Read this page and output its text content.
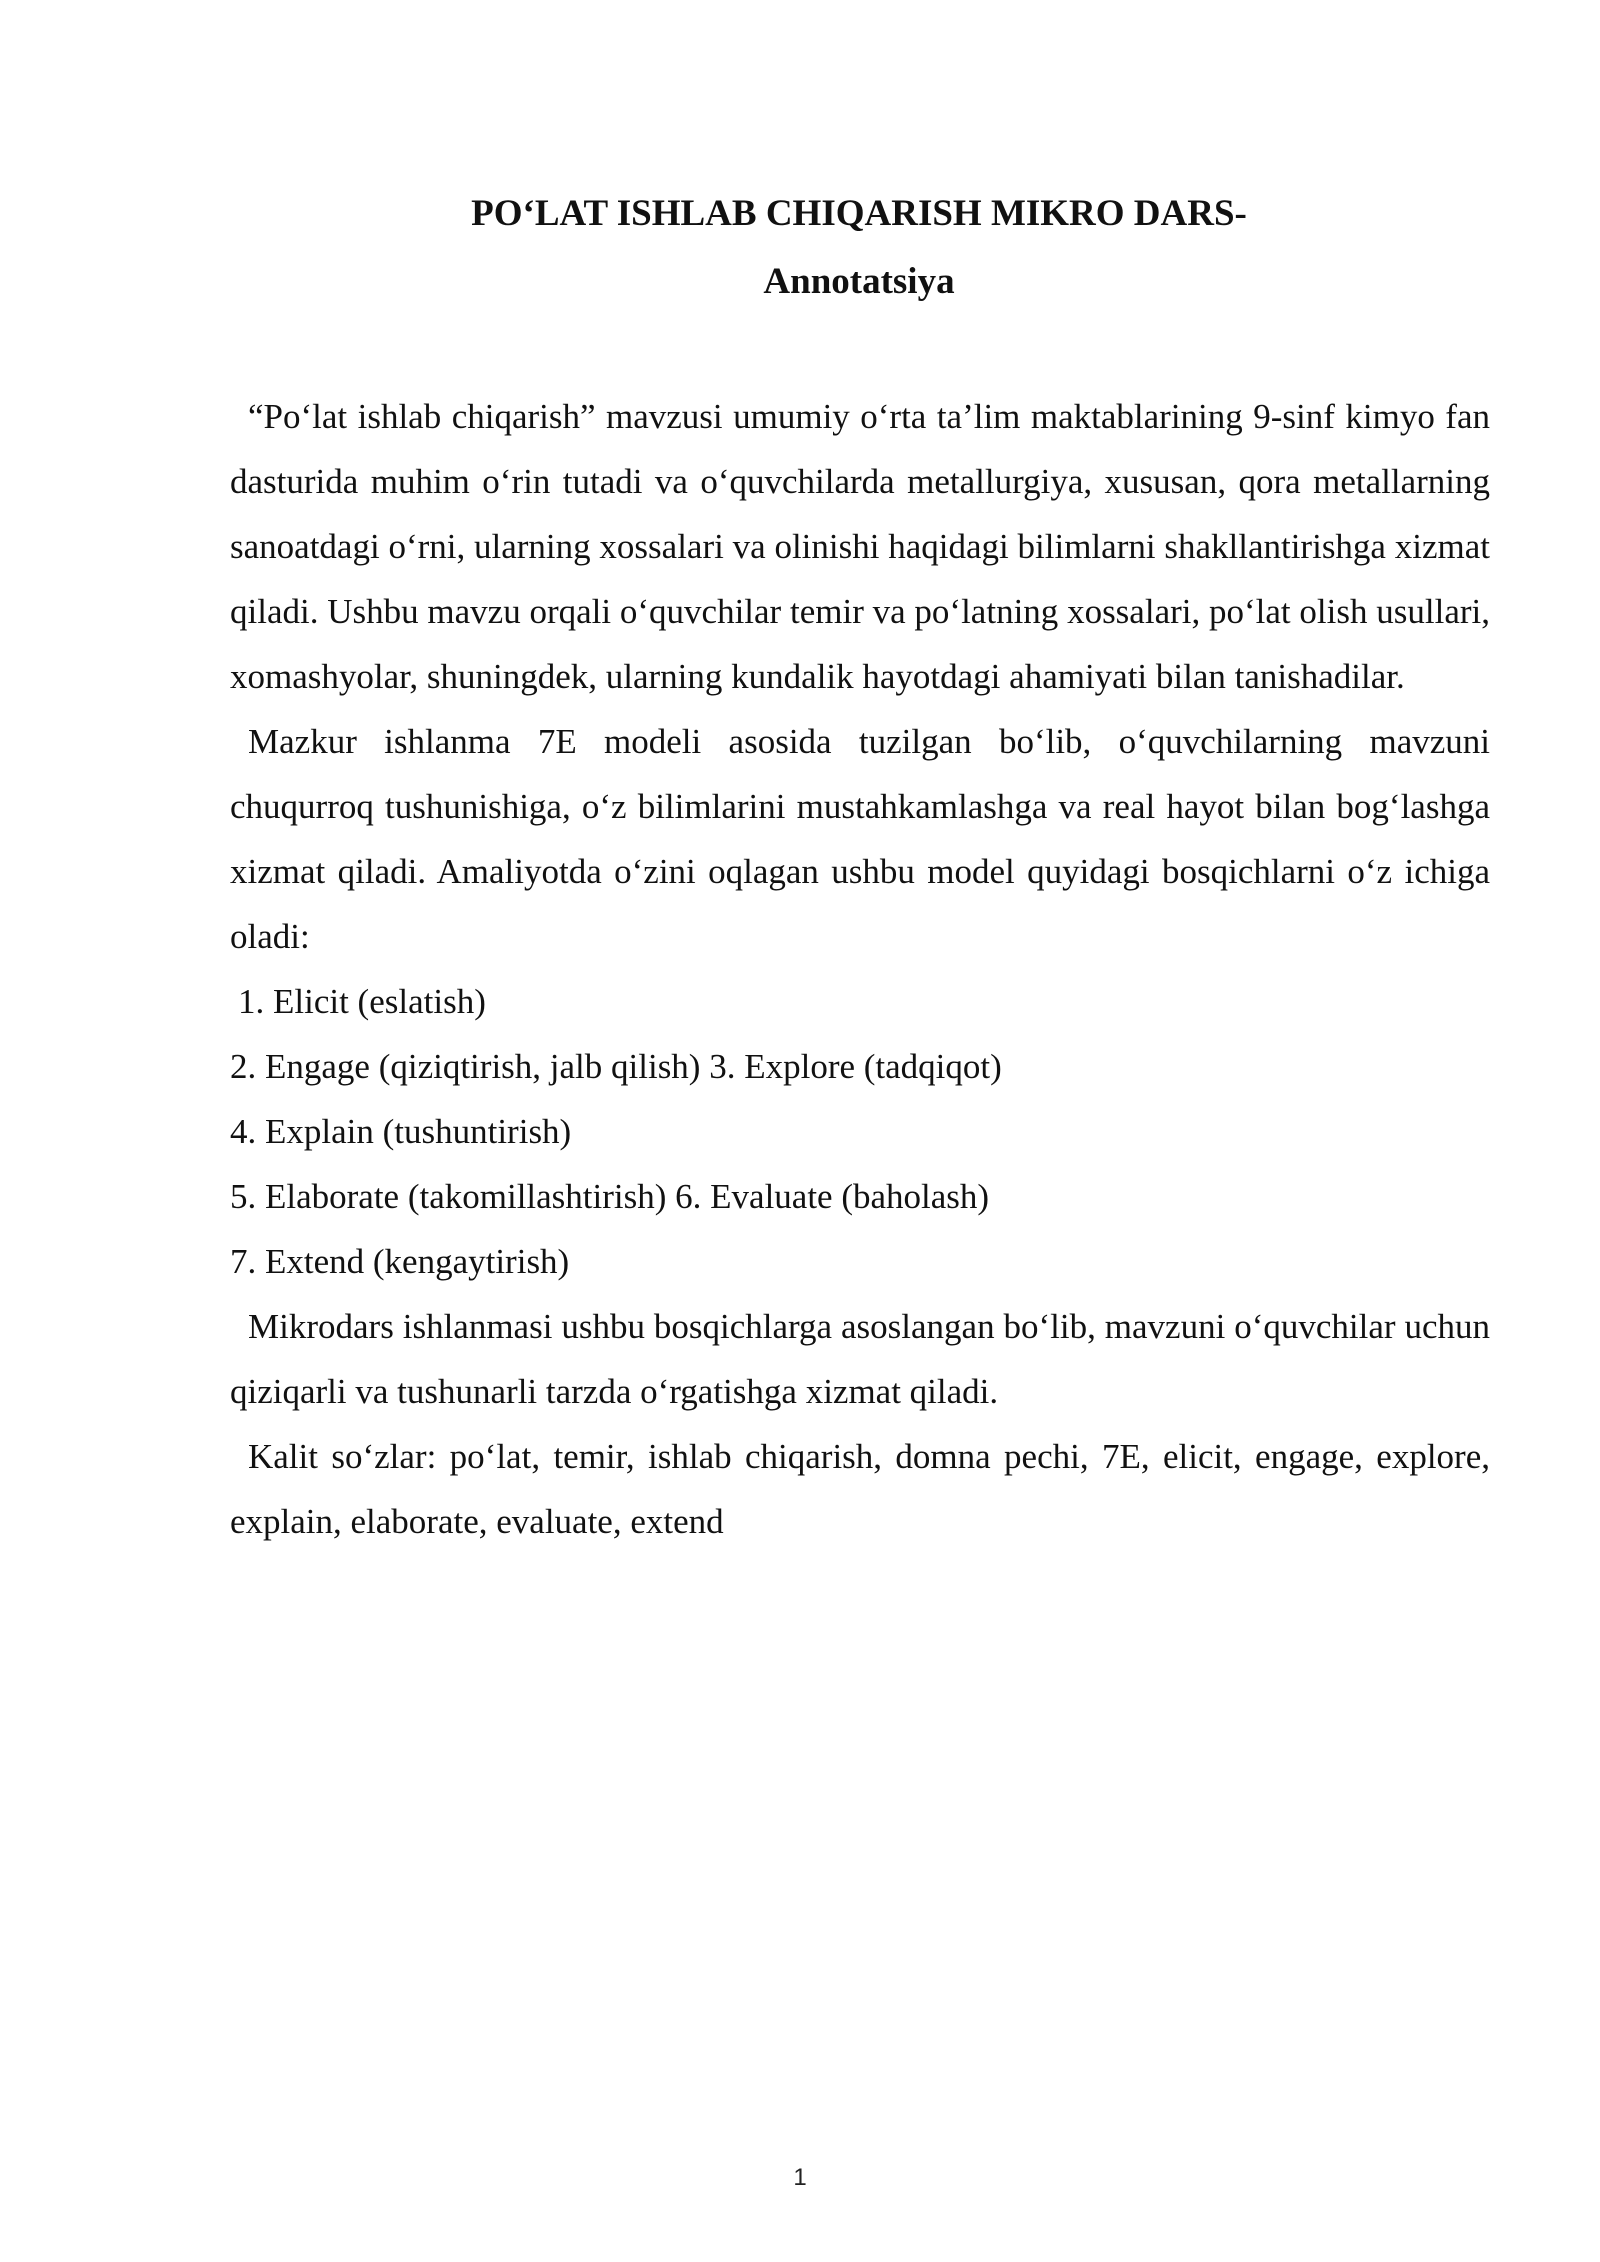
PO‘LAT ISHLAB CHIQARISH MIKRO DARS-
Annotatsiya

“Po‘lat ishlab chiqarish” mavzusi umumiy o‘rta ta’lim maktablarining 9-sinf kimyo fan dasturida muhim o‘rin tutadi va o‘quvchilarda metallurgiya, xususan, qora metallarning sanoatdagi o‘rni, ularning xossalari va olinishi haqidagi bilimlarni shakllantirishga xizmat qiladi. Ushbu mavzu orqali o‘quvchilar temir va po‘latning xossalari, po‘lat olish usullari, xomashyolar, shuningdek, ularning kundalik hayotdagi ahamiyati bilan tanishadilar.

Mazkur ishlanma 7E modeli asosida tuzilgan bo‘lib, o‘quvchilarning mavzuni chuqurroq tushunishiga, o‘z bilimlarini mustahkamlashga va real hayot bilan bog‘lashga xizmat qiladi. Amaliyotda o‘zini oqlagan ushbu model quyidagi bosqichlarni o‘z ichiga oladi:

1. Elicit (eslatish)

2. Engage (qiziqtirish, jalb qilish) 3. Explore (tadqiqot)

4. Explain (tushuntirish)

5. Elaborate (takomillashtirish) 6. Evaluate (baholash)

7. Extend (kengaytirish)

Mikrodars ishlanmasi ushbu bosqichlarga asoslangan bo‘lib, mavzuni o‘quvchilar uchun qiziqarli va tushunarli tarzda o‘rgatishga xizmat qiladi.

Kalit so‘zlar: po‘lat, temir, ishlab chiqarish, domna pechi, 7E, elicit, engage, explore, explain, elaborate, evaluate, extend

1
